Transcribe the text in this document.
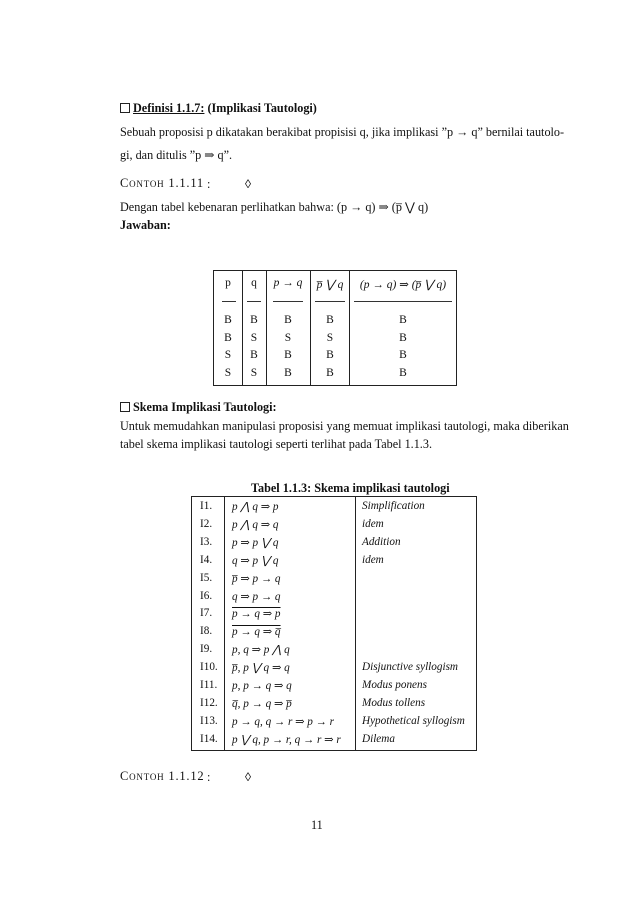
Definisi 1.1.7: (Implikasi Tautologi)
Sebuah proposisi p dikatakan berakibat propisisi q, jika implikasi ”p → q” bernilai tautolo-
gi, dan ditulis ”p ⇒ q”.
Contoh 1.1.11 :	◊
Dengan tabel kebenaran perlihatkan bahwa: (p → q) ⇒ (p̅ ⋁ q)
Jawaban:
p	q	p → q	p̅ ⋁ q	(p → q) ⇒ (p̅ ⋁ q)
B	B	B	B	B
B	S	S	S	B
S	B	B	B	B
S	S	B	B	B
Skema Implikasi Tautologi:
Untuk memudahkan manipulasi proposisi yang memuat implikasi tautologi, maka diberikan
tabel skema implikasi tautologi seperti terlihat pada Tabel 1.1.3.
Tabel 1.1.3: Skema implikasi tautologi
I1. p ⋀ q ⇒ p	Simplification
I2. p ⋀ q ⇒ q	idem
I3. p ⇒ p ⋁ q	Addition
I4. q ⇒ p ⋁ q	idem
I5. p̅ ⇒ p → q
I6. q ⇒ p → q
I7. p → q ⇒ p
I8. p → q ⇒ q̅
I9. p, q ⇒ p ⋀ q
I10. p̅, p ⋁ q ⇒ q	Disjunctive syllogism
I11. p, p → q ⇒ q	Modus ponens
I12. q̅, p → q ⇒ p̅	Modus tollens
I13. p → q, q → r ⇒ p → r	Hypothetical syllogism
I14. p ⋁ q, p → r, q → r ⇒ r Dilema
Contoh 1.1.12 :	◊
11
